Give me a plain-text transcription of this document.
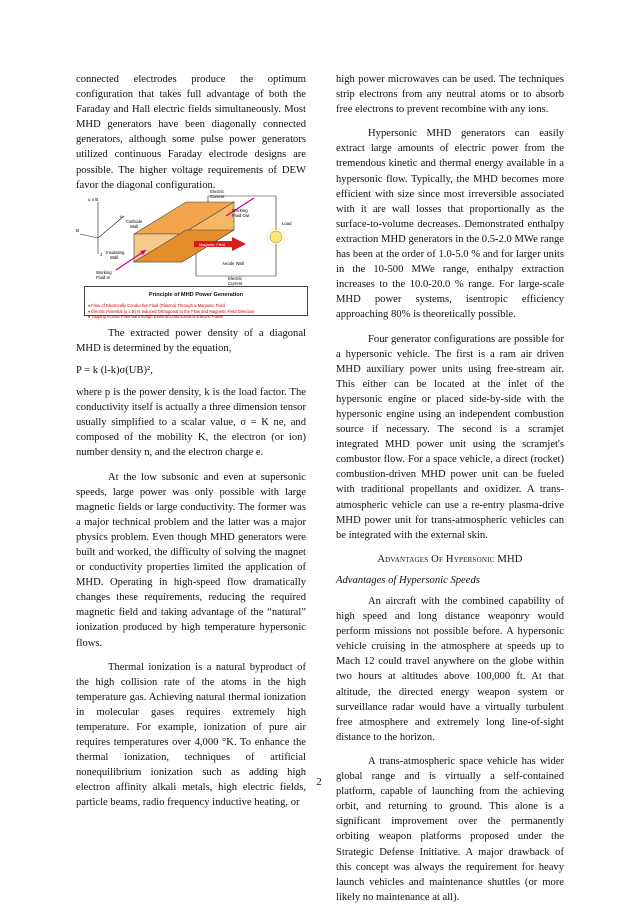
connected electrodes produce the optimum configuration that takes full advantage of both the Faraday and Hall electric fields simultaneously. Most MHD generators have been diagonally connected generators, although some pulse power generators utilized continuous Faraday electrode designs are possible. The higher voltage requirements of DEW favor the diagonal configuration.

u x B
u
B
J
Magnetic Field
Cathode
Wall
Insulating
Wall
Working
Fluid In
Electric
Current
Working
Fluid Out
Load
Anode Wall
Electric
Current
Principle of MHD Power Generation
♦ Flow of Electrically Conductive Fluid (Plasma) Through a Magnetic Field
♦ Electric Potential (u x B) Is Induced Orthogonal to the Flow and Magnetic Field Direction
♦ Tapping Across Potential through External Load Extracts Electric Power

The extracted power density of a diagonal MHD is determined by the equation,

P = k (l-k)σ(UB)²,

where p is the power density, k is the load factor. The conductivity itself is actually a three dimension tensor usually simplified to a scalar value, σ = K ne, and composed of the mobility K, the electron (or ion) number density n, and the electron charge e.

At the low subsonic and even at supersonic speeds, large power was only possible with large magnetic fields or large conductivity. The former was a major technical problem and the latter was a major physics problem. Even though MHD generators were built and worked, the difficulty of solving the magnet or conductivity properties limited the application of MHD. Operating in high-speed flow dramatically changes these requirements, reducing the required magnetic field and taking advantage of the “natural” ionization produced by high temperature hypersonic flows.

Thermal ionization is a natural byproduct of the high collision rate of the atoms in the high temperature gas. Achieving natural thermal ionization in molecular gases requires extremely high temperature. For example, ionization of pure air requires temperatures over 4,000 °K. To enhance the thermal ionization, techniques of artificial nonequilibrium ionization such as adding high electron affinity alkali metals, high electric fields, particle beams, radio frequency inductive heating, or

high power microwaves can be used. The techniques strip electrons from any neutral atoms or to absorb free electrons to prevent recombine with any ions.

Hypersonic MHD generators can easily extract large amounts of electric power from the tremendous kinetic and thermal energy available in a hypersonic flow. Typically, the MHD becomes more efficient with size since most irreversible associated with it are wall losses that proportionally as the surface-to-volume decreases. Demonstrated enthalpy extraction MHD generators in the 0.5-2.0 MWe range has been at the order of 1.0-5.0 % and for larger units in the 10-500 MWe range, enthalpy extraction increases to the 10.0-20.0 % range. For large-scale MHD power systems, isentropic efficiency approaching 80% is theoretically possible.

Four generator configurations are possible for a hypersonic vehicle. The first is a ram air driven MHD auxiliary power units using free-stream air. This either can be located at the inlet of the hypersonic engine or placed side-by-side with the hypersonic engine using an independent combustion source if necessary. The second is a scramjet integrated MHD power unit using the scramjet's combustor flow. For a space vehicle, a direct (rocket) combustion-driven MHD power unit can be fueled with traditional propellants and oxidizer. A trans-atmospheric vehicle can use a re-entry plasma-drive MHD power unit for trans-atmospheric vehicles can be integrated with the external skin.

Advantages Of Hypersonic MHD

Advantages of Hypersonic Speeds

An aircraft with the combined capability of high speed and long distance weaponry would perform missions not possible before. A hypersonic vehicle cruising in the atmosphere at speeds up to Mach 12 could travel anywhere on the globe within two hours at altitudes above 100,000 ft. At that altitude, the directed energy weapon system or surveillance radar would have a virtually turbulent free atmosphere and extremely long line-of-sight distance to the horizon.

A trans-atmospheric space vehicle has wider global range and is virtually a self-contained platform, capable of launching from the achieving orbit, and returning to ground. This alone is a significant improvement over the permanently orbiting weapon platforms proposed under the Strategic Defense Initiative. A major drawback of this concept was always the requirement for heavy launch vehicles and maintenance shuttles (or more likely no maintenance at all).

2
